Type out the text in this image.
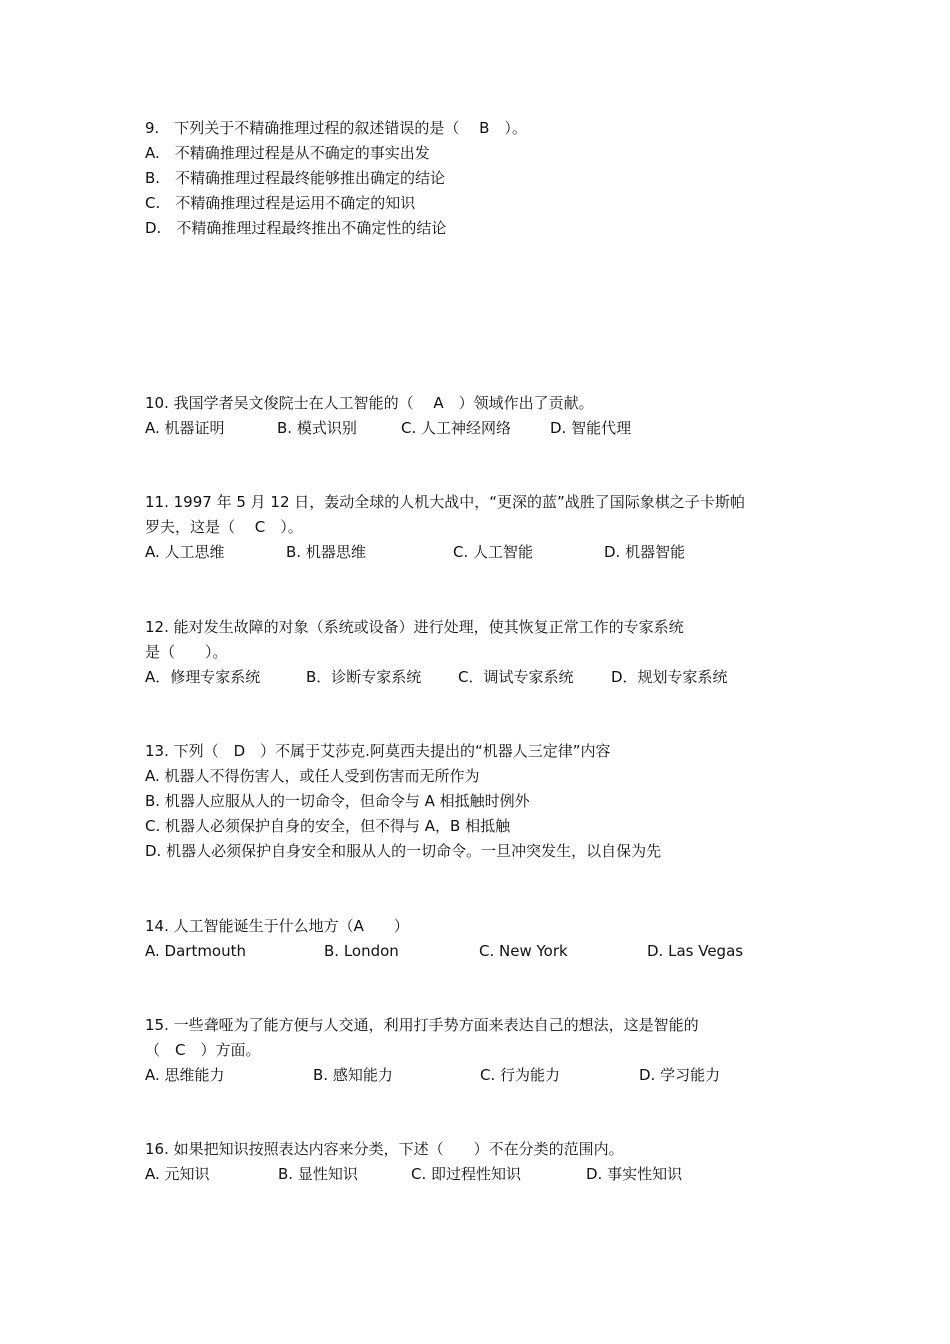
9.　下列关于不精确推理过程的叙述错误的是（　 B　）。
A.　不精确推理过程是从不确定的事实出发
B.　不精确推理过程最终能够推出确定的结论
C.　不精确推理过程是运用不确定的知识
D.　不精确推理过程最终推出不确定性的结论
10. 我国学者吴文俊院士在人工智能的（　 A　）领域作出了贡献。
A. 机器证明	B. 模式识别	C. 人工神经网络	D. 智能代理
11. 1997 年 5 月 12 日，轰动全球的人机大战中，“更深的蓝”战胜了国际象棋之子卡斯帕
罗夫，这是（　 C　）。
A. 人工思维	B. 机器思维	C. 人工智能	D. 机器智能
12. 能对发生故障的对象（系统或设备）进行处理，使其恢复正常工作的专家系统
是（　　）。
A．修理专家系统	B．诊断专家系统 C．调试专家系统	D．规划专家系统
13. 下列（　D　）不属于艾莎克.阿莫西夫提出的“机器人三定律”内容
A. 机器人不得伤害人，或任人受到伤害而无所作为
B. 机器人应服从人的一切命令，但命令与 A 相抵触时例外
C. 机器人必须保护自身的安全，但不得与 A，B 相抵触
D. 机器人必须保护自身安全和服从人的一切命令。一旦冲突发生，以自保为先
14. 人工智能诞生于什么地方（A　　）
A. Dartmouth	B. London	C. New York	D. Las Vegas
15. 一些聋哑为了能方便与人交通，利用打手势方面来表达自己的想法，这是智能的
（　C　）方面。
A. 思维能力	B. 感知能力	C. 行为能力	D. 学习能力
16. 如果把知识按照表达内容来分类，下述（　　）不在分类的范围内。
A. 元知识	B. 显性知识	C. 即过程性知识	D. 事实性知识
